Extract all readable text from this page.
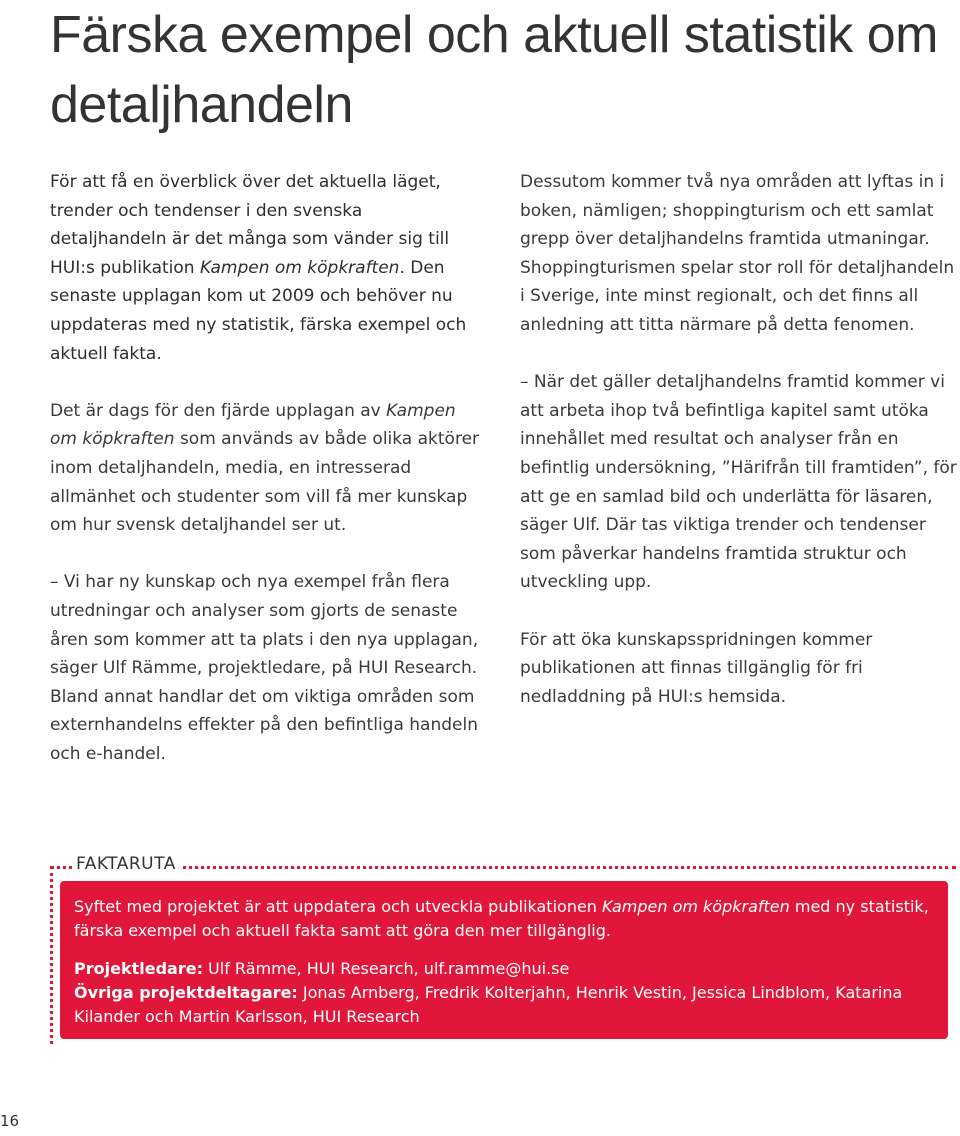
Färska exempel och aktuell statistik om detaljhandeln

För att få en överblick över det aktuella läget, trender och tendenser i den svenska detaljhandeln är det många som vänder sig till HUI:s publikation Kampen om köpkraften. Den senaste upplagan kom ut 2009 och behöver nu uppdateras med ny statistik, färska exempel och aktuell fakta.

Det är dags för den fjärde upplagan av Kampen om köpkraften som används av både olika aktörer inom detaljhandeln, media, en intresserad allmänhet och studenter som vill få mer kunskap om hur svensk detaljhandel ser ut.

– Vi har ny kunskap och nya exempel från flera utredningar och analyser som gjorts de senaste åren som kommer att ta plats i den nya upplagan, säger Ulf Rämme, projektledare, på HUI Research. Bland annat handlar det om viktiga områden som externhandelns effekter på den befintliga handeln och e-handel.

Dessutom kommer två nya områden att lyftas in i boken, nämligen; shoppingturism och ett samlat grepp över detaljhandelns framtida utmaningar. Shoppingturismen spelar stor roll för detaljhandeln i Sverige, inte minst regionalt, och det finns all anledning att titta närmare på detta fenomen.

– När det gäller detaljhandelns framtid kommer vi att arbeta ihop två befintliga kapitel samt utöka innehållet med resultat och analyser från en befintlig undersökning, ”Härifrån till framtiden”, för att ge en samlad bild och underlätta för läsaren, säger Ulf. Där tas viktiga trender och tendenser som påverkar handelns framtida struktur och utveckling upp.

För att öka kunskapsspridningen kommer publikationen att finnas tillgänglig för fri nedladdning på HUI:s hemsida.

FAKTARUTA

Syftet med projektet är att uppdatera och utveckla publikationen Kampen om köpkraften med ny statistik, färska exempel och aktuell fakta samt att göra den mer tillgänglig.

Projektledare: Ulf Rämme, HUI Research, ulf.ramme@hui.se

Övriga projektdeltagare: Jonas Arnberg, Fredrik Kolterjahn, Henrik Vestin, Jessica Lindblom, Katarina Kilander och Martin Karlsson, HUI Research

16
